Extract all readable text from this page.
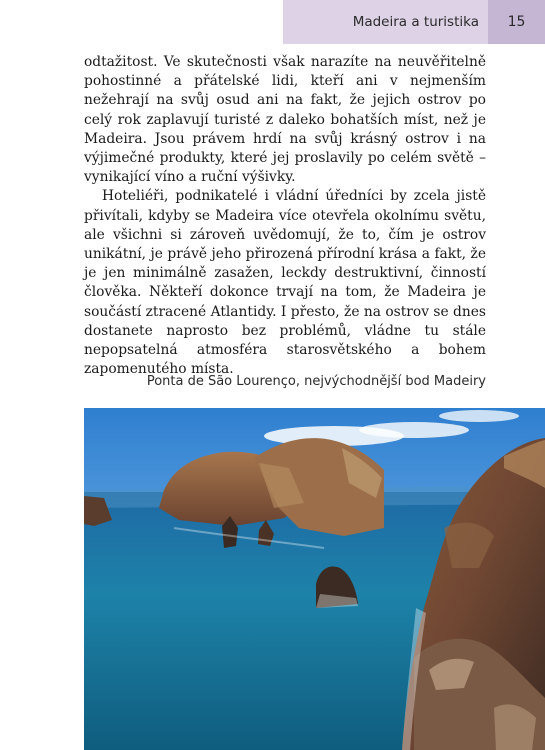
Madeira a turistika	15

odtažitost. Ve skutečnosti však narazíte na neuvěřitelně pohostinné a přátelské lidi, kteří ani v nejmenším nežehrají na svůj osud ani na fakt, že jejich ostrov po celý rok zaplavují turisté z daleko bohatších míst, než je Madeira. Jsou právem hrdí na svůj krásný ostrov i na výjimečné produkty, které jej proslavily po celém světě – vynikající víno a ruční výšivky.

Hoteliéři, podnikatelé i vládní úředníci by zcela jistě přivítali, kdyby se Madeira více otevřela okolnímu světu, ale všichni si zároveň uvědomují, že to, čím je ostrov unikátní, je právě jeho přirozená přírodní krása a fakt, že je jen minimálně zasažen, leckdy destruktivní, činností člověka. Někteří dokonce trvají na tom, že Madeira je součástí ztracené Atlantidy. I přesto, že na ostrov se dnes dostanete naprosto bez problémů, vládne tu stále nepopsatelná atmosféra starosvětského a bohem zapomenutého místa.

Ponta de São Lourenço, nejvýchodnější bod Madeiry
